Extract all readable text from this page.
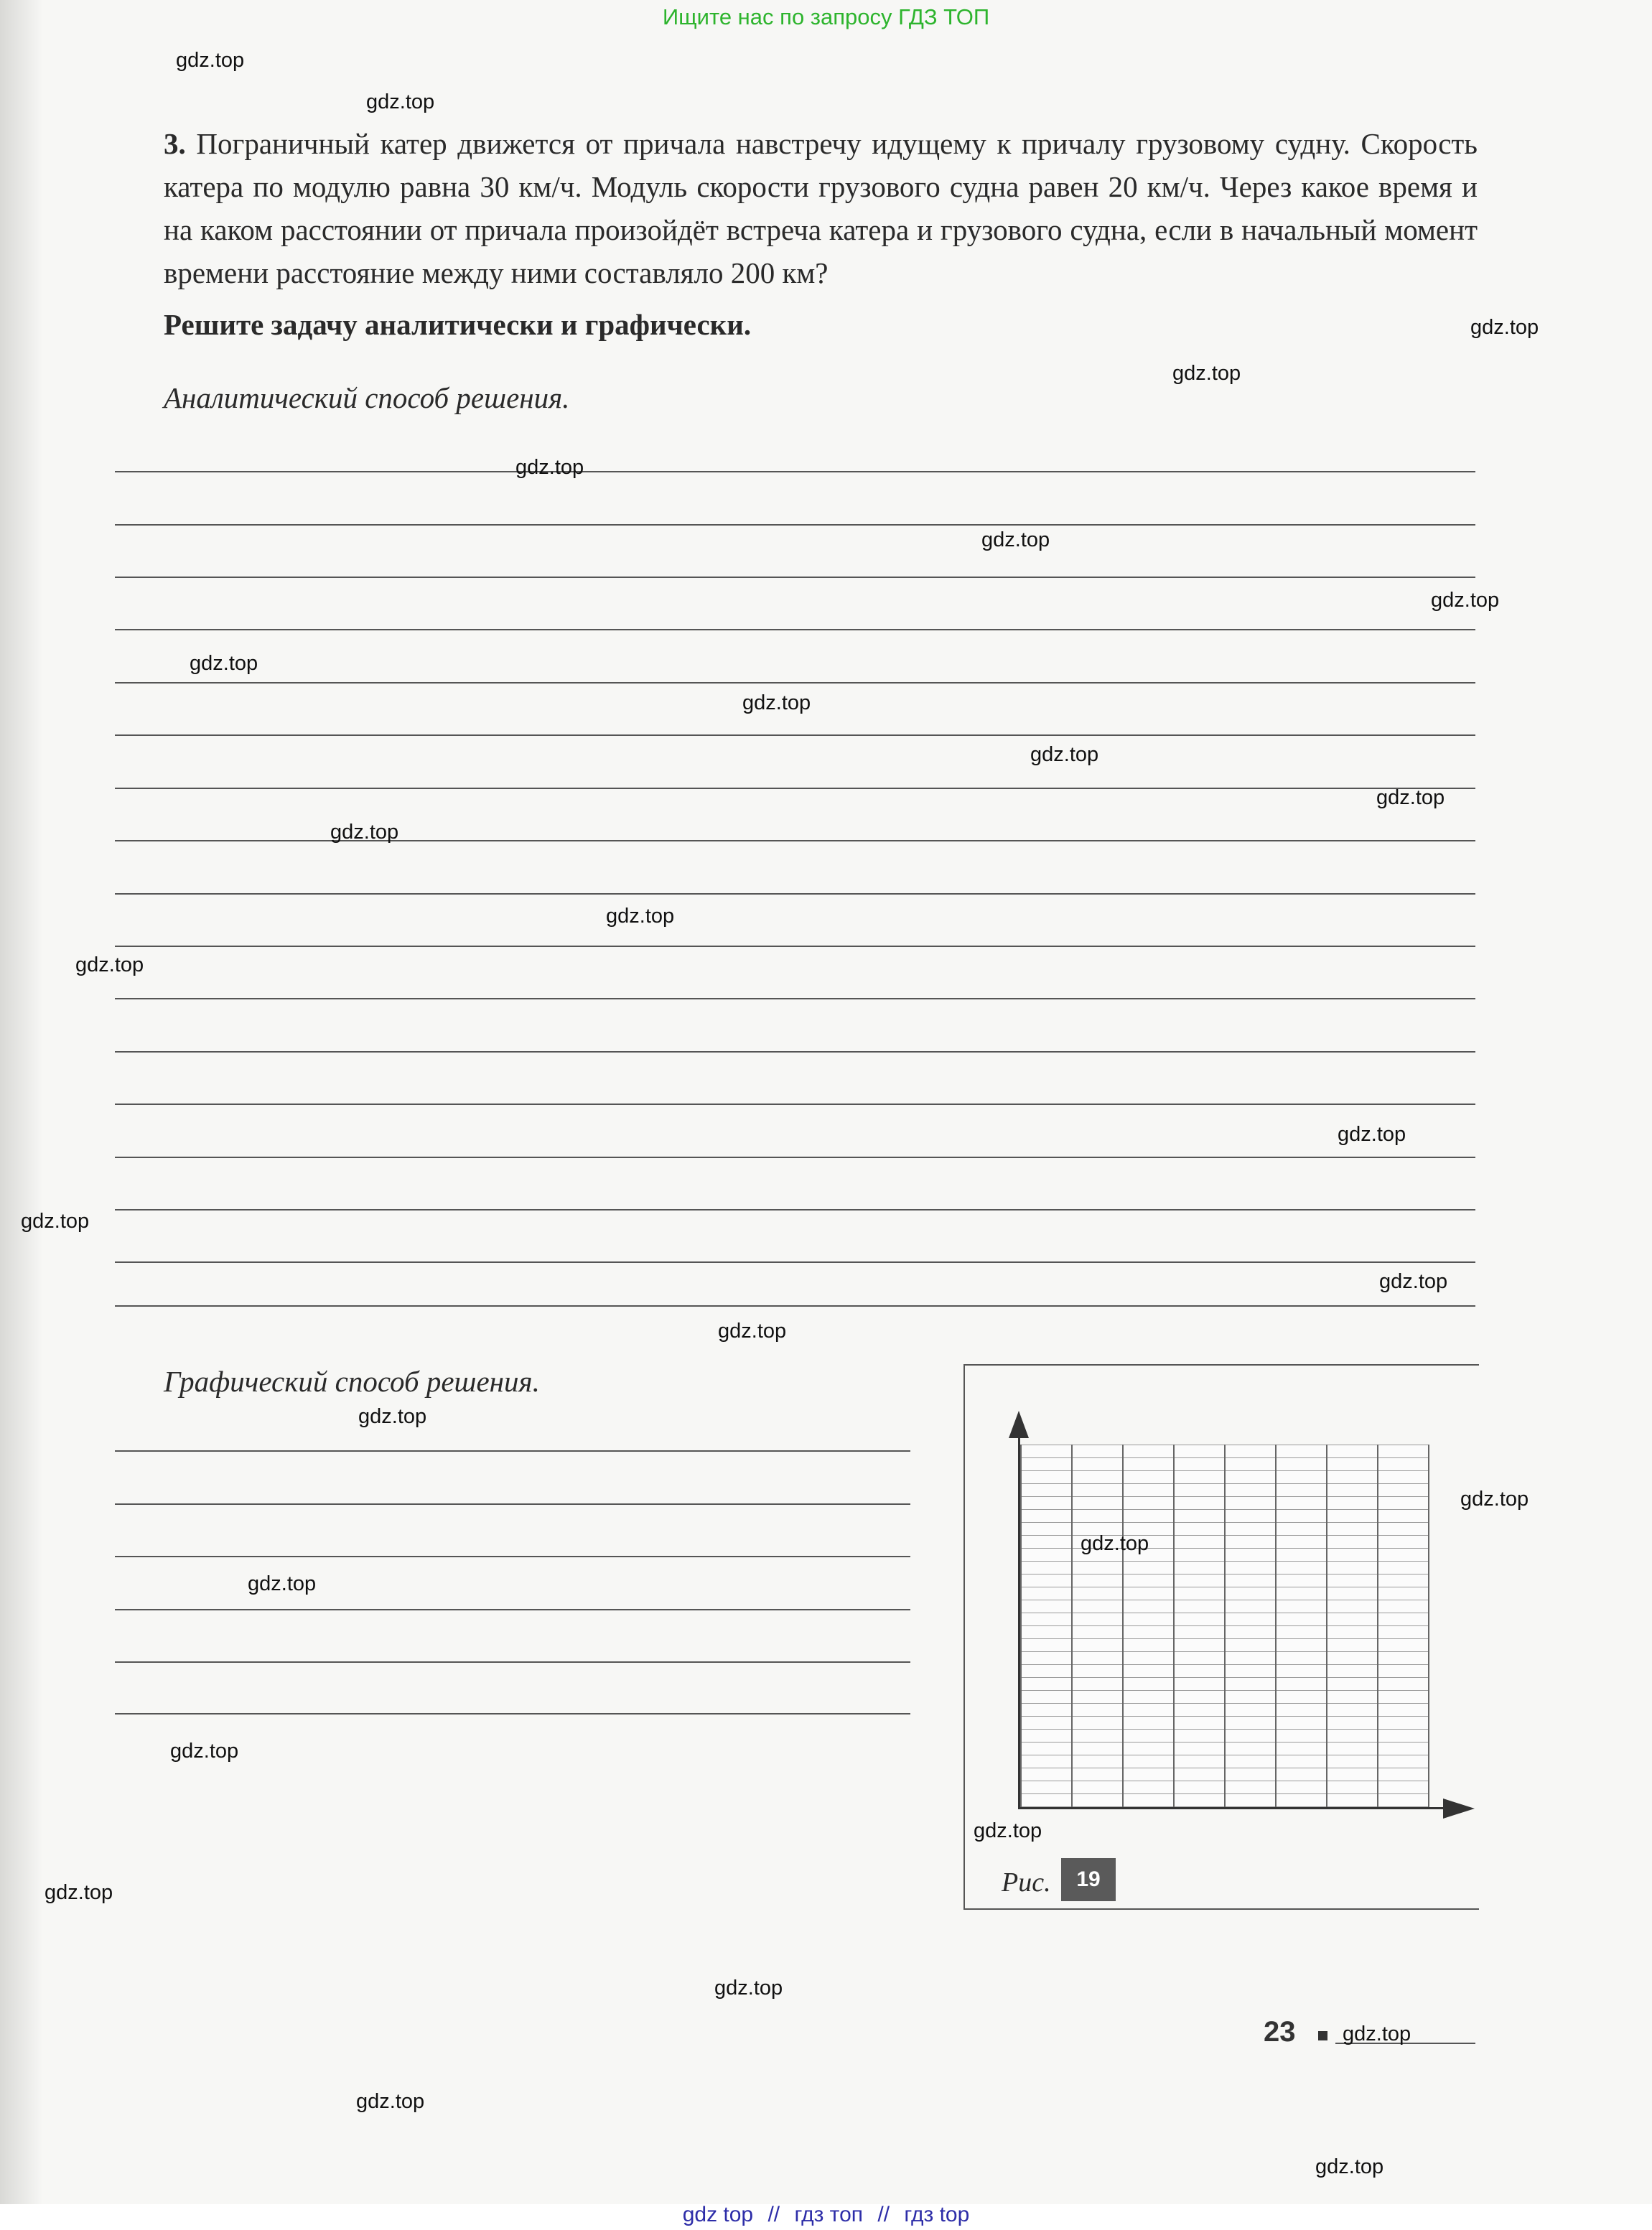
Ищите нас по запросу ГДЗ ТОП
3. Пограничный катер движется от причала навстречу идущему к причалу грузовому судну. Скорость катера по модулю равна 30 км/ч. Модуль скорости грузового судна равен 20 км/ч. Через какое время и на каком расстоянии от причала произойдёт встреча катера и грузового судна, если в начальный момент времени расстояние между ними составляло 200 км?
Решите задачу аналитически и графически.
Аналитический способ решения.
Графический способ решения.
Рис.	19
23
gdz.top
gdz.top
gdz.top
gdz.top
gdz.top
gdz.top
gdz.top
gdz.top
gdz.top
gdz.top
gdz.top
gdz.top
gdz.top
gdz.top
gdz.top
gdz.top
gdz.top
gdz.top
gdz.top
gdz.top
gdz.top
gdz.top
gdz.top
gdz.top
gdz.top
gdz.top
gdz.top
gdz.top
gdz.top
gdz top // гдз топ // гдз top
